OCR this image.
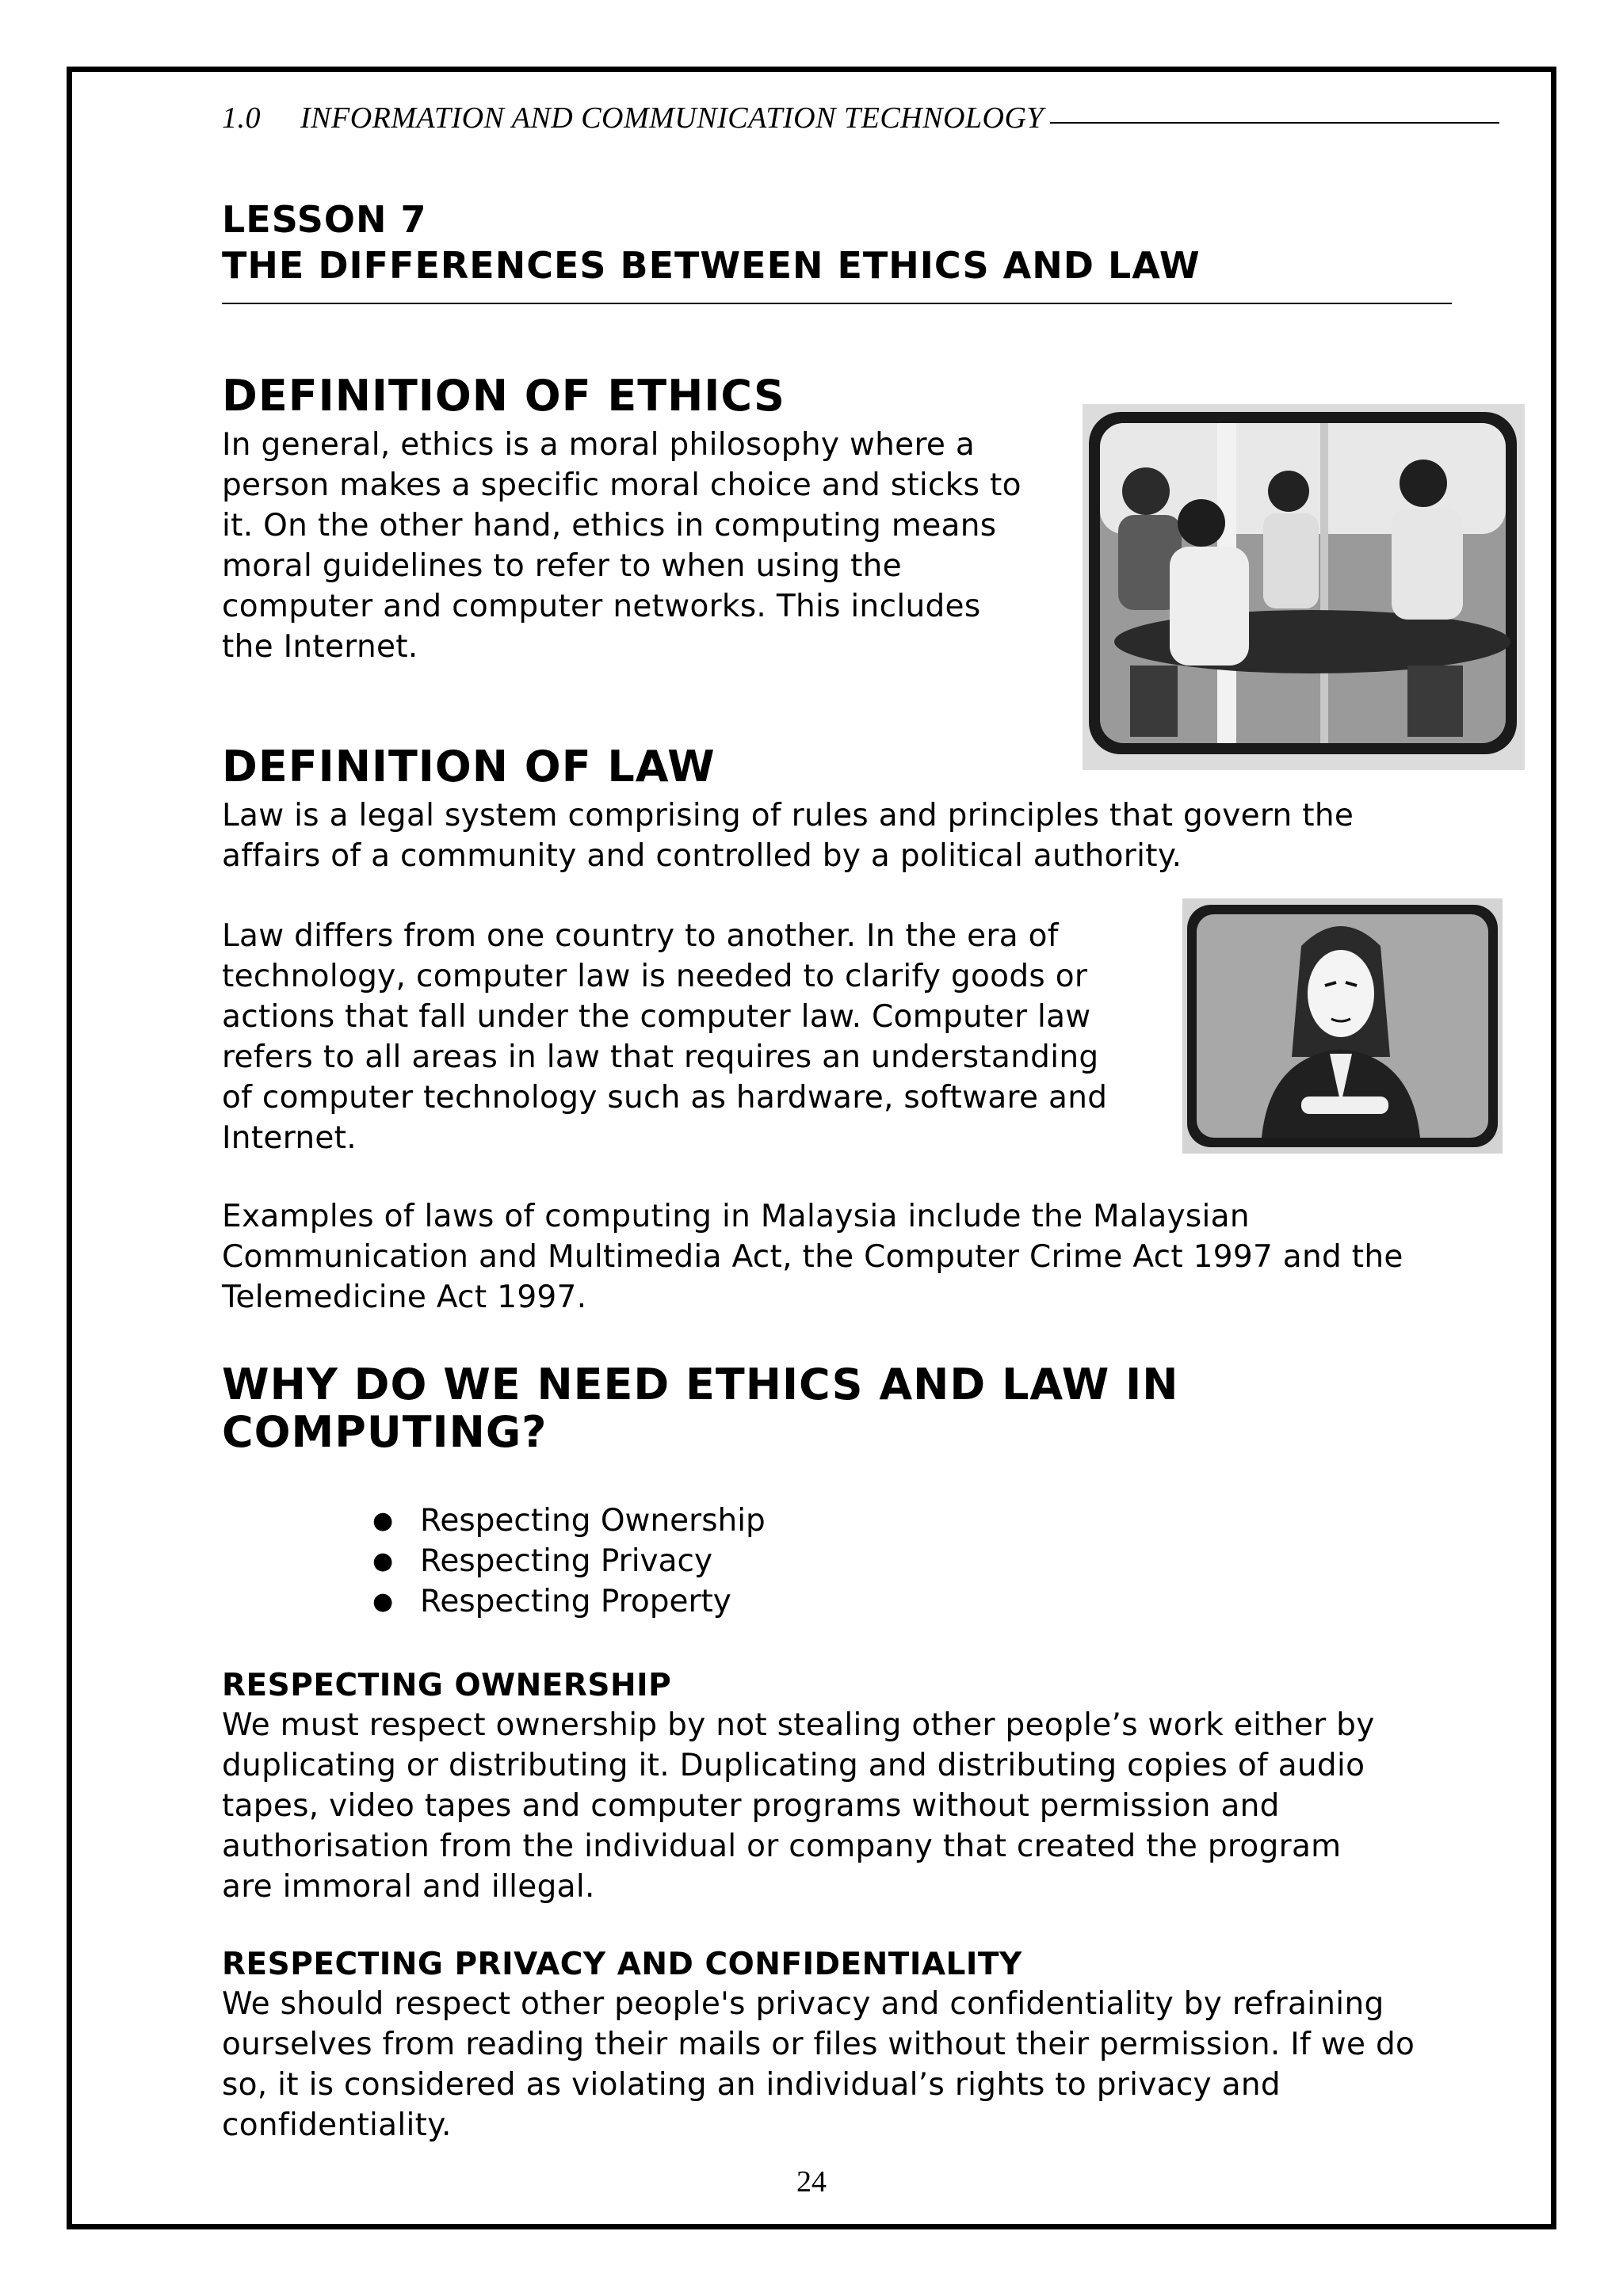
1.0 INFORMATION AND COMMUNICATION TECHNOLOGY
LESSON 7
THE DIFFERENCES BETWEEN ETHICS AND LAW
DEFINITION OF ETHICS

In general, ethics is a moral philosophy where a
person makes a specific moral choice and sticks to
it. On the other hand, ethics in computing means
moral guidelines to refer to when using the
computer and computer networks. This includes
the Internet.

DEFINITION OF LAW

Law is a legal system comprising of rules and principles that govern the
affairs of a community and controlled by a political authority.

Law differs from one country to another. In the era of
technology, computer law is needed to clarify goods or
actions that fall under the computer law. Computer law
refers to all areas in law that requires an understanding
of computer technology such as hardware, software and
Internet.

Examples of laws of computing in Malaysia include the Malaysian
Communication and Multimedia Act, the Computer Crime Act 1997 and the
Telemedicine Act 1997.

WHY DO WE NEED ETHICS AND LAW IN
COMPUTING?
● Respecting Ownership
● Respecting Privacy
● Respecting Property
RESPECTING OWNERSHIP

We must respect ownership by not stealing other people’s work either by
duplicating or distributing it. Duplicating and distributing copies of audio
tapes, video tapes and computer programs without permission and
authorisation from the individual or company that created the program
are immoral and illegal.

RESPECTING PRIVACY AND CONFIDENTIALITY

We should respect other people's privacy and confidentiality by refraining
ourselves from reading their mails or files without their permission. If we do
so, it is considered as violating an individual’s rights to privacy and
confidentiality.

24
